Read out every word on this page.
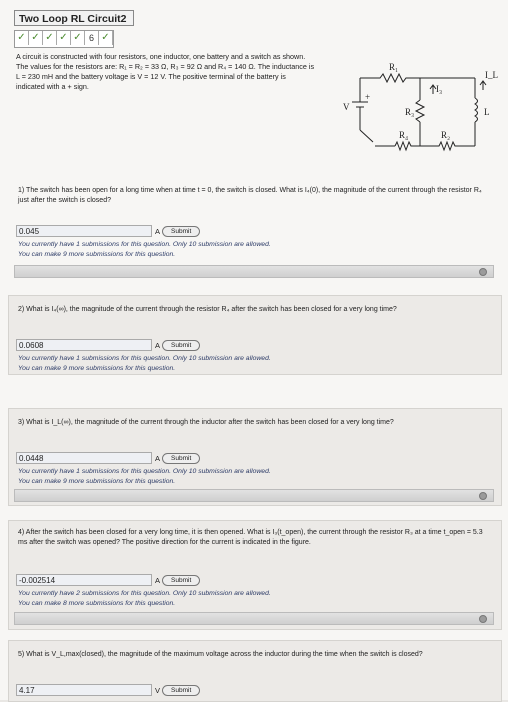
Two Loop RL Circuit2
✓ ✓ ✓ ✓ ✓ 6 ✓
A circuit is constructed with four resistors, one inductor, one battery and a switch as shown. The values for the resistors are: R₁ = R₂ = 33 Ω, R₃ = 92 Ω and R₄ = 140 Ω. The inductance is L = 230 mH and the battery voltage is V = 12 V. The positive terminal of the battery is indicated with a + sign.
R₁
V
+
R₃
R₄	R₂
L
I₃
I_L
1) The switch has been open for a long time when at time t = 0, the switch is closed. What is I₄(0), the magnitude of the current through the resistor R₄ just after the switch is closed?
0.045	A	Submit
You currently have 1 submissions for this question. Only 10 submission are allowed.
You can make 9 more submissions for this question.
2) What is I₄(∞), the magnitude of the current through the resistor R₄ after the switch has been closed for a very long time?
0.0608	A	Submit
You currently have 1 submissions for this question. Only 10 submission are allowed.
You can make 9 more submissions for this question.
3) What is I_L(∞), the magnitude of the current through the inductor after the switch has been closed for a very long time?
0.0448	A	Submit
You currently have 1 submissions for this question. Only 10 submission are allowed.
You can make 9 more submissions for this question.
4) After the switch has been closed for a very long time, it is then opened. What is I₃(t_open), the current through the resistor R₃ at a time t_open = 5.3 ms after the switch was opened? The positive direction for the current is indicated in the figure.
-0.002514	A	Submit
You currently have 2 submissions for this question. Only 10 submission are allowed.
You can make 8 more submissions for this question.
5) What is V_L,max(closed), the magnitude of the maximum voltage across the inductor during the time when the switch is closed?
4.17	V	Submit
